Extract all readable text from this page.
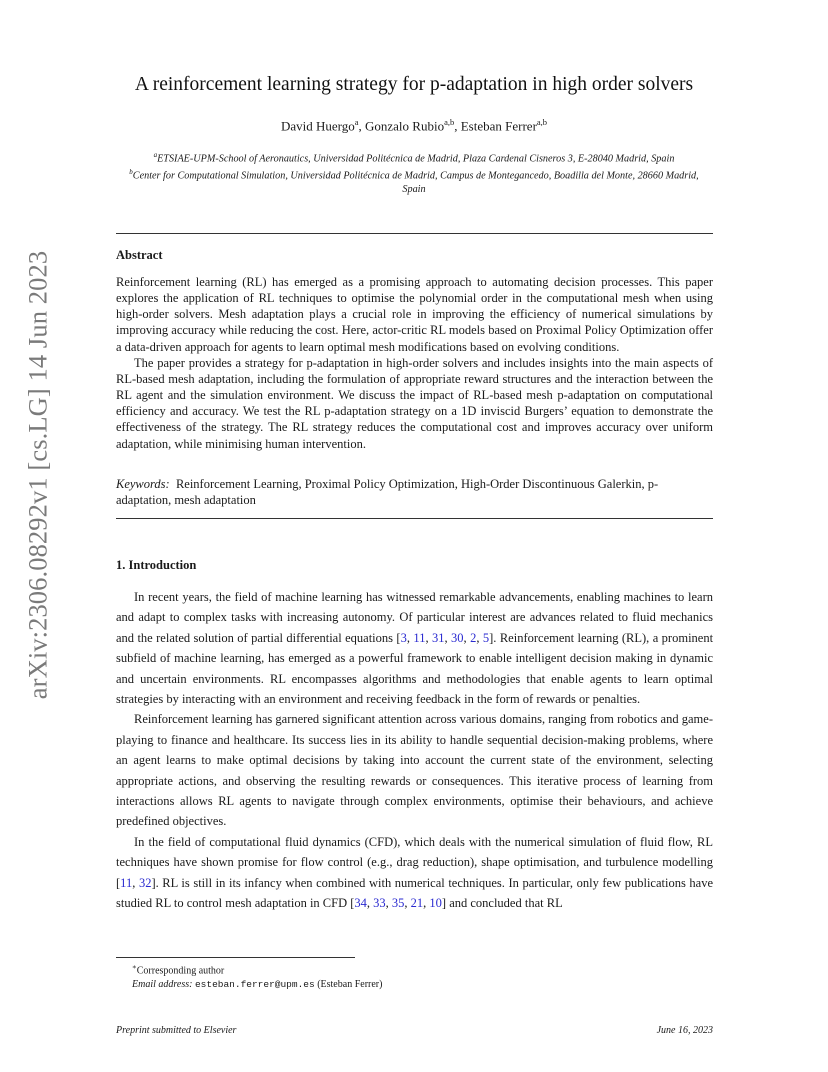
arXiv:2306.08292v1 [cs.LG] 14 Jun 2023
A reinforcement learning strategy for p-adaptation in high order solvers
David Huergo$^a$, Gonzalo Rubio$^{a,b}$, Esteban Ferrer$^{a,b}$
$^a$ETSIAE-UPM-School of Aeronautics, Universidad Politécnica de Madrid, Plaza Cardenal Cisneros 3, E-28040 Madrid, Spain
$^b$Center for Computational Simulation, Universidad Politécnica de Madrid, Campus de Montegancedo, Boadilla del Monte, 28660 Madrid, Spain
Abstract

Reinforcement learning (RL) has emerged as a promising approach to automating decision processes. This paper explores the application of RL techniques to optimise the polynomial order in the computational mesh when using high-order solvers. Mesh adaptation plays a crucial role in improving the efficiency of numerical simulations by improving accuracy while reducing the cost. Here, actor-critic RL models based on Proximal Policy Optimization offer a data-driven approach for agents to learn optimal mesh modifications based on evolving conditions.

The paper provides a strategy for p-adaptation in high-order solvers and includes insights into the main aspects of RL-based mesh adaptation, including the formulation of appropriate reward structures and the interaction between the RL agent and the simulation environment. We discuss the impact of RL-based mesh p-adaptation on computational efficiency and accuracy. We test the RL p-adaptation strategy on a 1D inviscid Burgers’ equation to demonstrate the effectiveness of the strategy. The RL strategy reduces the computational cost and improves accuracy over uniform adaptation, while minimising human intervention.

Keywords: Reinforcement Learning, Proximal Policy Optimization, High-Order Discontinuous Galerkin, p-adaptation, mesh adaptation
1. Introduction

In recent years, the field of machine learning has witnessed remarkable advancements, enabling machines to learn and adapt to complex tasks with increasing autonomy. Of particular interest are advances related to fluid mechanics and the related solution of partial differential equations [3, 11, 31, 30, 2, 5]. Reinforcement learning (RL), a prominent subfield of machine learning, has emerged as a powerful framework to enable intelligent decision making in dynamic and uncertain environments. RL encompasses algorithms and methodologies that enable agents to learn optimal strategies by interacting with an environment and receiving feedback in the form of rewards or penalties.

Reinforcement learning has garnered significant attention across various domains, ranging from robotics and game-playing to finance and healthcare. Its success lies in its ability to handle sequential decision-making problems, where an agent learns to make optimal decisions by taking into account the current state of the environment, selecting appropriate actions, and observing the resulting rewards or consequences. This iterative process of learning from interactions allows RL agents to navigate through complex environments, optimise their behaviours, and achieve predefined objectives.

In the field of computational fluid dynamics (CFD), which deals with the numerical simulation of fluid flow, RL techniques have shown promise for flow control (e.g., drag reduction), shape optimisation, and turbulence modelling [11, 32]. RL is still in its infancy when combined with numerical techniques. In particular, only few publications have studied RL to control mesh adaptation in CFD [34, 33, 35, 21, 10] and concluded that RL

∗Corresponding author
Email address: esteban.ferrer@upm.es (Esteban Ferrer)
Preprint submitted to Elsevier	June 16, 2023
